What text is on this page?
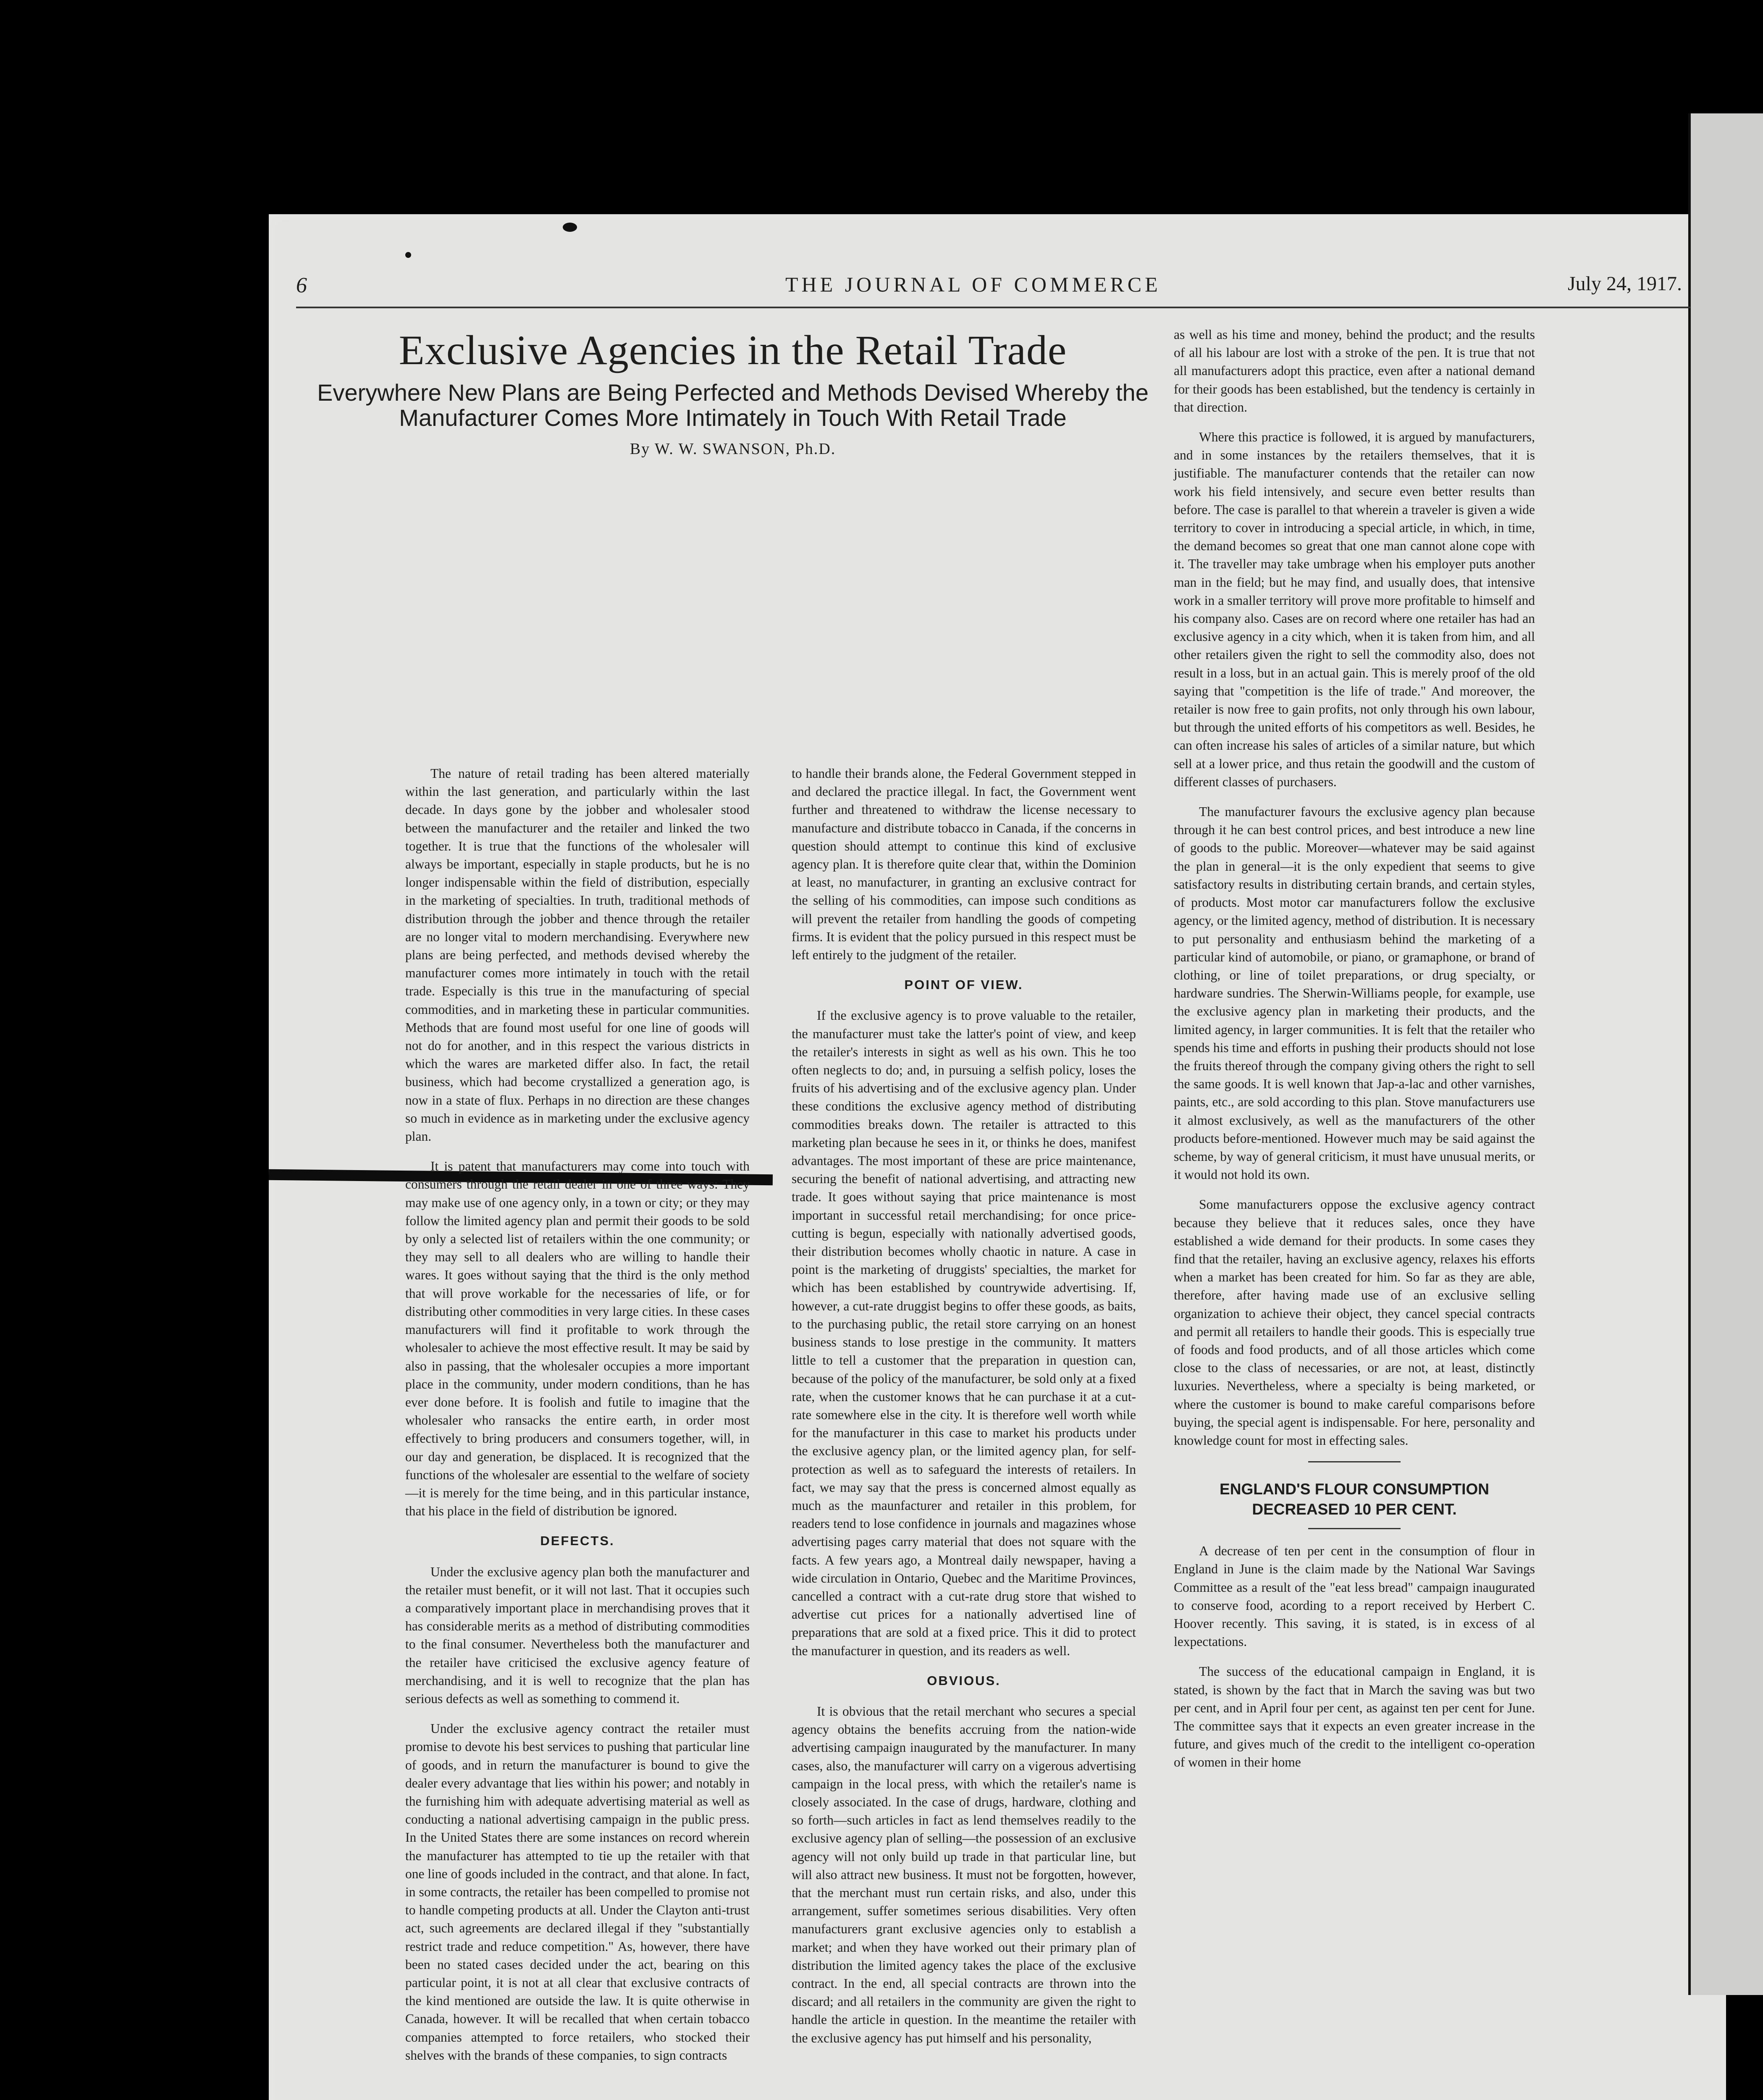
6	THE JOURNAL OF COMMERCE	July 24, 1917.
Exclusive Agencies in the Retail Trade
Everywhere New Plans are Being Perfected and Methods Devised Whereby the Manufacturer Comes More Intimately in Touch With Retail Trade
By W. W. SWANSON, Ph.D.

The nature of retail trading has been altered materially within the last generation, and particularly within the last decade. In days gone by the jobber and wholesaler stood between the manufacturer and the retailer and linked the two together. It is true that the functions of the wholesaler will always be important, especially in staple products, but he is no longer indispensable within the field of distribution, especially in the marketing of specialties. In truth, traditional methods of distribution through the jobber and thence through the retailer are no longer vital to modern merchandising. Everywhere new plans are being perfected, and methods devised whereby the manufacturer comes more intimately in touch with the retail trade. Especially is this true in the manufacturing of special commodities, and in marketing these in particular communities. Methods that are found most useful for one line of goods will not do for another, and in this respect the various districts in which the wares are marketed differ also. In fact, the retail business, which had become crystallized a generation ago, is now in a state of flux. Perhaps in no direction are these changes so much in evidence as in marketing under the exclusive agency plan.

It is patent that manufacturers may come into touch with consumers through the retail dealer in one of three ways: They may make use of one agency only, in a town or city; or they may follow the limited agency plan and permit their goods to be sold by only a selected list of retailers within the one community; or they may sell to all dealers who are willing to handle their wares. It goes without saying that the third is the only method that will prove workable for the necessaries of life, or for distributing other commodities in very large cities. In these cases manufacturers will find it profitable to work through the wholesaler to achieve the most effective result. It may be said by also in passing, that the wholesaler occupies a more important place in the community, under modern conditions, than he has ever done before. It is foolish and futile to imagine that the wholesaler who ransacks the entire earth, in order most effectively to bring producers and consumers together, will, in our day and generation, be displaced. It is recognized that the functions of the wholesaler are essential to the welfare of society—it is merely for the time being, and in this particular instance, that his place in the field of distribution be ignored.

DEFECTS.

Under the exclusive agency plan both the manufacturer and the retailer must benefit, or it will not last. That it occupies such a comparatively important place in merchandising proves that it has considerable merits as a method of distributing commodities to the final consumer. Nevertheless both the manufacturer and the retailer have criticised the exclusive agency feature of merchandising, and it is well to recognize that the plan has serious defects as well as something to commend it.

Under the exclusive agency contract the retailer must promise to devote his best services to pushing that particular line of goods, and in return the manufacturer is bound to give the dealer every advantage that lies within his power; and notably in the furnishing him with adequate advertising material as well as conducting a national advertising campaign in the public press. In the United States there are some instances on record wherein the manufacturer has attempted to tie up the retailer with that one line of goods included in the contract, and that alone. In fact, in some contracts, the retailer has been compelled to promise not to handle competing products at all. Under the Clayton anti-trust act, such agreements are declared illegal if they "substantially restrict trade and reduce competition." As, however, there have been no stated cases decided under the act, bearing on this particular point, it is not at all clear that exclusive contracts of the kind mentioned are outside the law. It is quite otherwise in Canada, however. It will be recalled that when certain tobacco companies attempted to force retailers, who stocked their shelves with the brands of these companies, to sign contracts

to handle their brands alone, the Federal Government stepped in and declared the practice illegal. In fact, the Government went further and threatened to withdraw the license necessary to manufacture and distribute tobacco in Canada, if the concerns in question should attempt to continue this kind of exclusive agency plan. It is therefore quite clear that, within the Dominion at least, no manufacturer, in granting an exclusive contract for the selling of his commodities, can impose such conditions as will prevent the retailer from handling the goods of competing firms. It is evident that the policy pursued in this respect must be left entirely to the judgment of the retailer.

POINT OF VIEW.

If the exclusive agency is to prove valuable to the retailer, the manufacturer must take the latter's point of view, and keep the retailer's interests in sight as well as his own. This he too often neglects to do; and, in pursuing a selfish policy, loses the fruits of his advertising and of the exclusive agency plan. Under these conditions the exclusive agency method of distributing commodities breaks down. The retailer is attracted to this marketing plan because he sees in it, or thinks he does, manifest advantages. The most important of these are price maintenance, securing the benefit of national advertising, and attracting new trade. It goes without saying that price maintenance is most important in successful retail merchandising; for once price-cutting is begun, especially with nationally advertised goods, their distribution becomes wholly chaotic in nature. A case in point is the marketing of druggists' specialties, the market for which has been established by countrywide advertising. If, however, a cut-rate druggist begins to offer these goods, as baits, to the purchasing public, the retail store carrying on an honest business stands to lose prestige in the community. It matters little to tell a customer that the preparation in question can, because of the policy of the manufacturer, be sold only at a fixed rate, when the customer knows that he can purchase it at a cut-rate somewhere else in the city. It is therefore well worth while for the manufacturer in this case to market his products under the exclusive agency plan, or the limited agency plan, for self-protection as well as to safeguard the interests of retailers. In fact, we may say that the press is concerned almost equally as much as the maunfacturer and retailer in this problem, for readers tend to lose confidence in journals and magazines whose advertising pages carry material that does not square with the facts. A few years ago, a Montreal daily newspaper, having a wide circulation in Ontario, Quebec and the Maritime Provinces, cancelled a contract with a cut-rate drug store that wished to advertise cut prices for a nationally advertised line of preparations that are sold at a fixed price. This it did to protect the manufacturer in question, and its readers as well.

OBVIOUS.

It is obvious that the retail merchant who secures a special agency obtains the benefits accruing from the nation-wide advertising campaign inaugurated by the manufacturer. In many cases, also, the manufacturer will carry on a vigerous advertising campaign in the local press, with which the retailer's name is closely associated. In the case of drugs, hardware, clothing and so forth—such articles in fact as lend themselves readily to the exclusive agency plan of selling—the possession of an exclusive agency will not only build up trade in that particular line, but will also attract new business. It must not be forgotten, however, that the merchant must run certain risks, and also, under this arrangement, suffer sometimes serious disabilities. Very often manufacturers grant exclusive agencies only to establish a market; and when they have worked out their primary plan of distribution the limited agency takes the place of the exclusive contract. In the end, all special contracts are thrown into the discard; and all retailers in the community are given the right to handle the article in question. In the meantime the retailer with the exclusive agency has put himself and his personality,

as well as his time and money, behind the product; and the results of all his labour are lost with a stroke of the pen. It is true that not all manufacturers adopt this practice, even after a national demand for their goods has been established, but the tendency is certainly in that direction.

Where this practice is followed, it is argued by manufacturers, and in some instances by the retailers themselves, that it is justifiable. The manufacturer contends that the retailer can now work his field intensively, and secure even better results than before. The case is parallel to that wherein a traveler is given a wide territory to cover in introducing a special article, in which, in time, the demand becomes so great that one man cannot alone cope with it. The traveller may take umbrage when his employer puts another man in the field; but he may find, and usually does, that intensive work in a smaller territory will prove more profitable to himself and his company also. Cases are on record where one retailer has had an exclusive agency in a city which, when it is taken from him, and all other retailers given the right to sell the commodity also, does not result in a loss, but in an actual gain. This is merely proof of the old saying that "competition is the life of trade." And moreover, the retailer is now free to gain profits, not only through his own labour, but through the united efforts of his competitors as well. Besides, he can often increase his sales of articles of a similar nature, but which sell at a lower price, and thus retain the goodwill and the custom of different classes of purchasers.

The manufacturer favours the exclusive agency plan because through it he can best control prices, and best introduce a new line of goods to the public. Moreover—whatever may be said against the plan in general—it is the only expedient that seems to give satisfactory results in distributing certain brands, and certain styles, of products. Most motor car manufacturers follow the exclusive agency, or the limited agency, method of distribution. It is necessary to put personality and enthusiasm behind the marketing of a particular kind of automobile, or piano, or gramaphone, or brand of clothing, or line of toilet preparations, or drug specialty, or hardware sundries. The Sherwin-Williams people, for example, use the exclusive agency plan in marketing their products, and the limited agency, in larger communities. It is felt that the retailer who spends his time and efforts in pushing their products should not lose the fruits thereof through the company giving others the right to sell the same goods. It is well known that Jap-a-lac and other varnishes, paints, etc., are sold according to this plan. Stove manufacturers use it almost exclusively, as well as the manufacturers of the other products before-mentioned. However much may be said against the scheme, by way of general criticism, it must have unusual merits, or it would not hold its own.

Some manufacturers oppose the exclusive agency contract because they believe that it reduces sales, once they have established a wide demand for their products. In some cases they find that the retailer, having an exclusive agency, relaxes his efforts when a market has been created for him. So far as they are able, therefore, after having made use of an exclusive selling organization to achieve their object, they cancel special contracts and permit all retailers to handle their goods. This is especially true of foods and food products, and of all those articles which come close to the class of necessaries, or are not, at least, distinctly luxuries. Nevertheless, where a specialty is being marketed, or where the customer is bound to make careful comparisons before buying, the special agent is indispensable. For here, personality and knowledge count for most in effecting sales.

ENGLAND'S FLOUR CONSUMPTION DECREASED 10 PER CENT.

A decrease of ten per cent in the consumption of flour in England in June is the claim made by the National War Savings Committee as a result of the "eat less bread" campaign inaugurated to conserve food, acording to a report received by Herbert C. Hoover recently. This saving, it is stated, is in excess of al lexpectations.

The success of the educational campaign in England, it is stated, is shown by the fact that in March the saving was but two per cent, and in April four per cent, as against ten per cent for June. The committee says that it expects an even greater increase in the future, and gives much of the credit to the intelligent co-operation of women in their home
